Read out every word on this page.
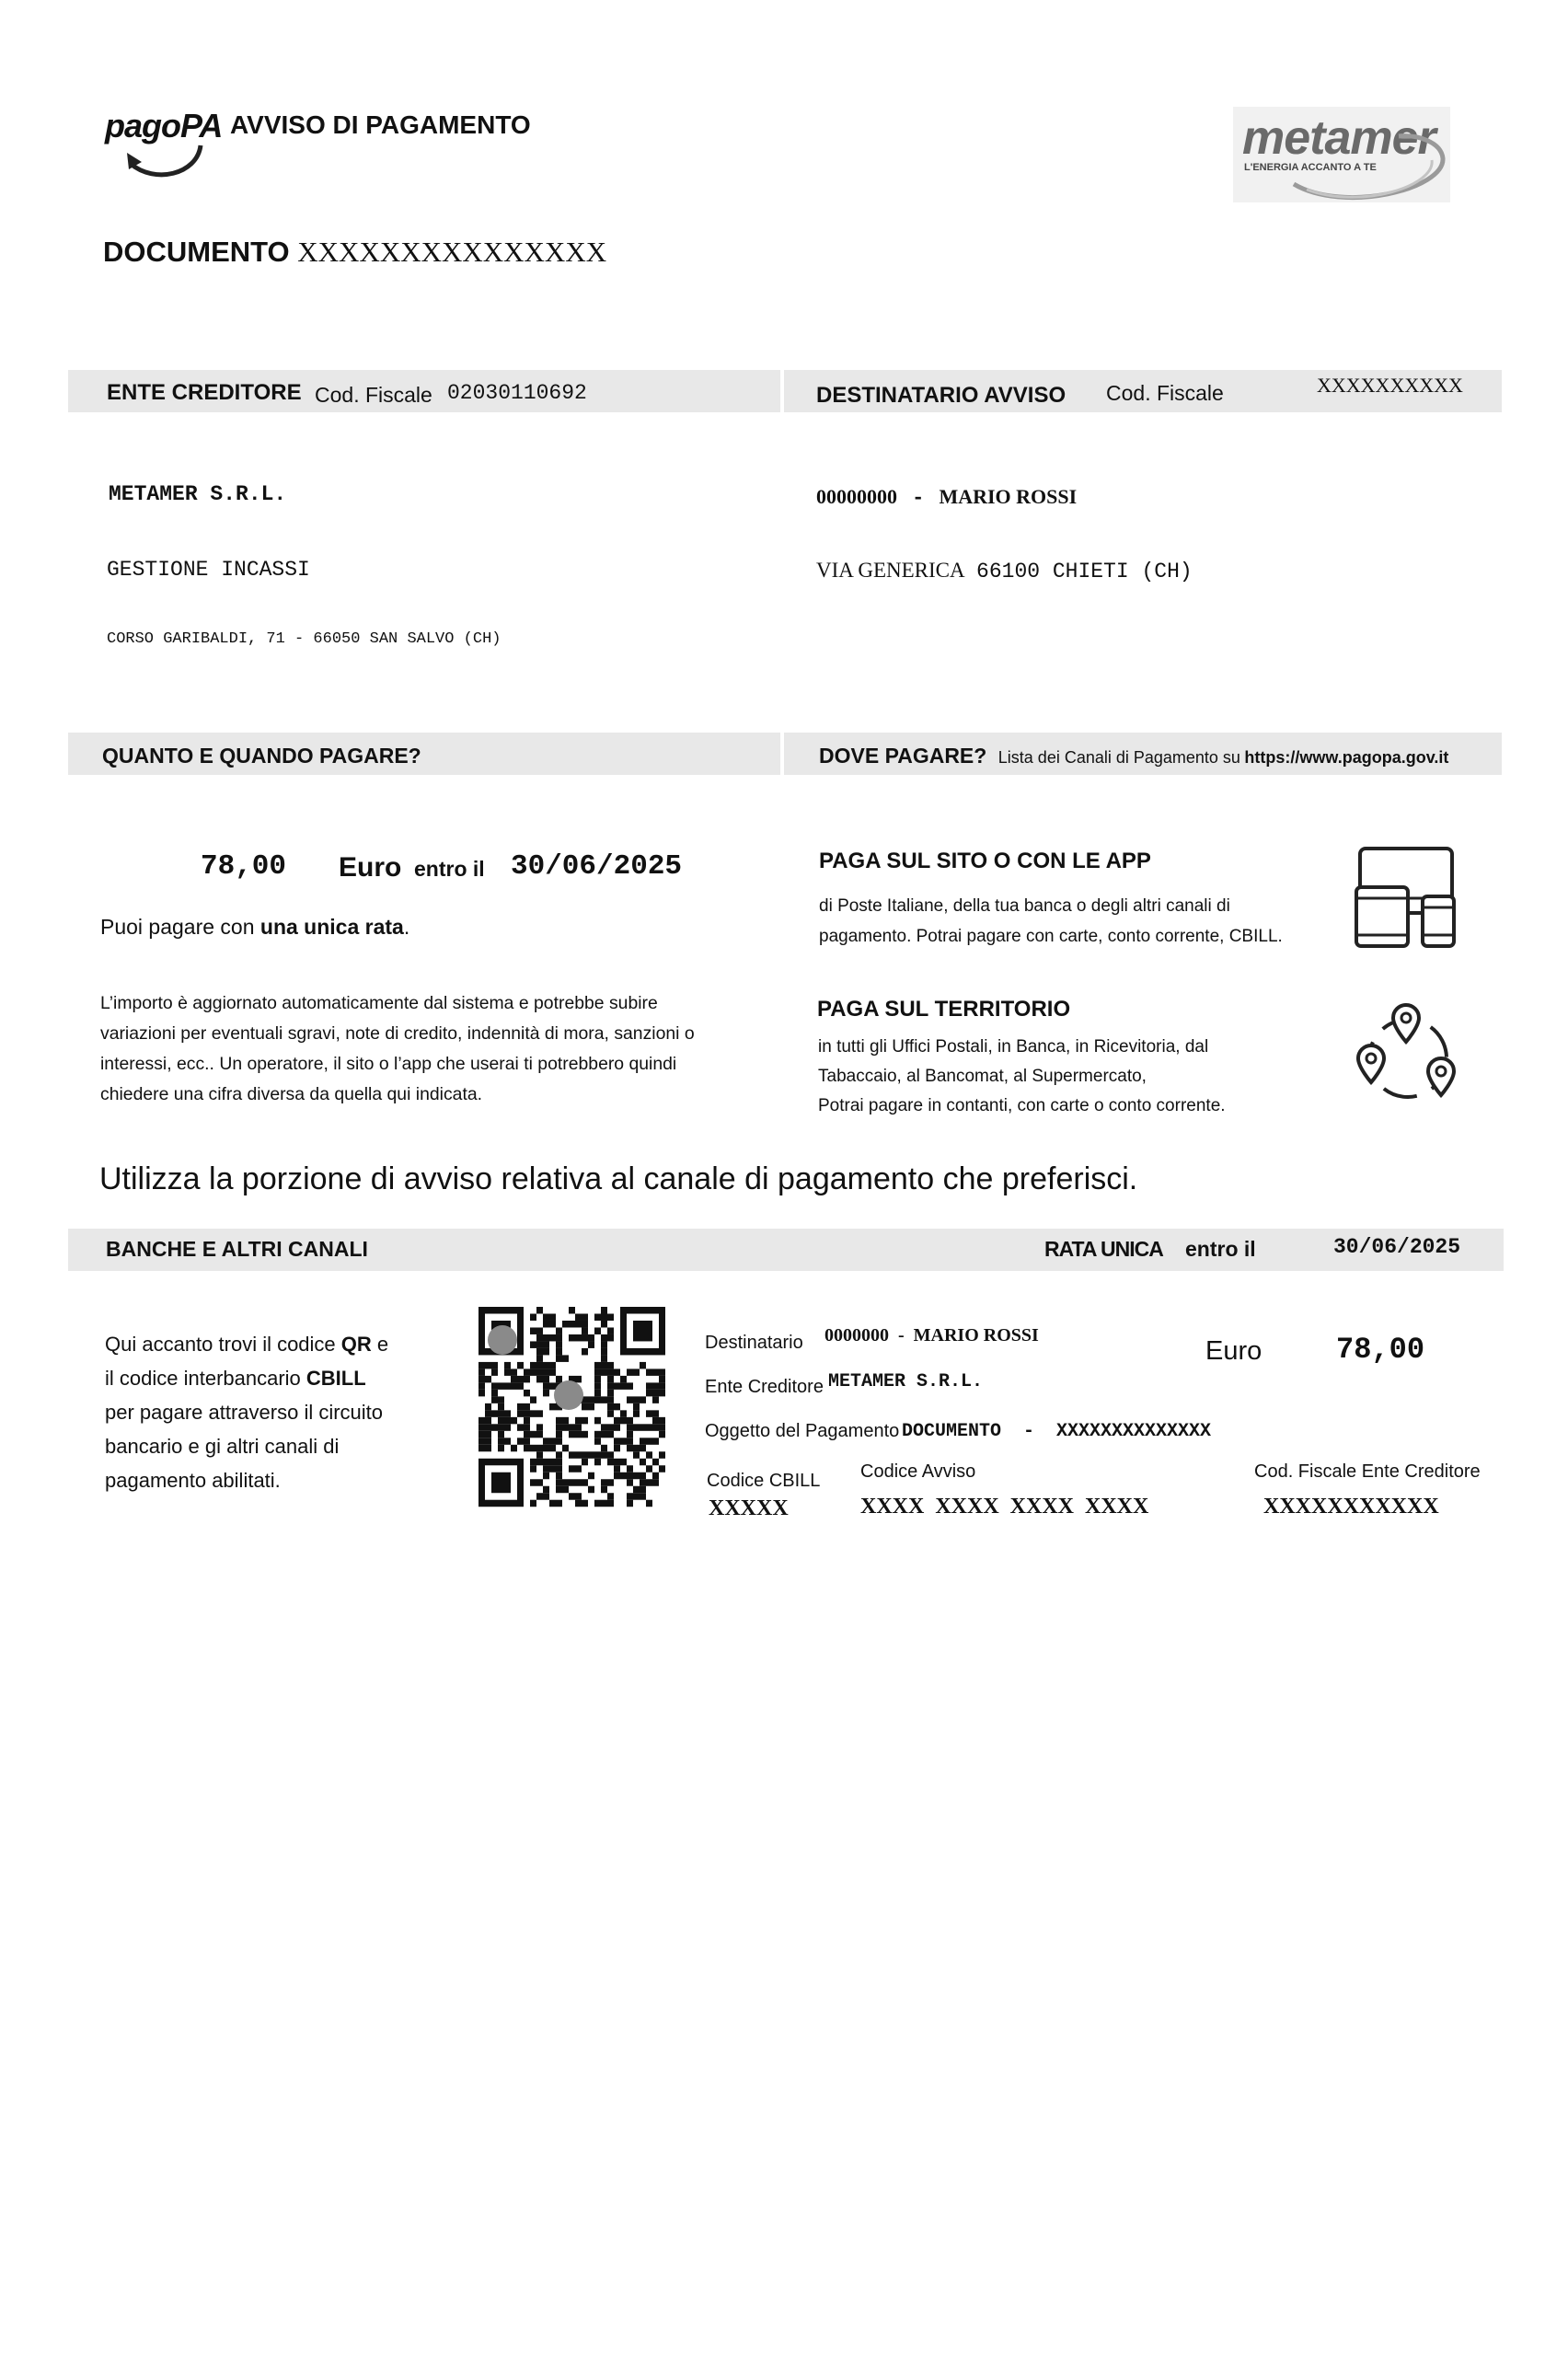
pagoPA AVVISO DI PAGAMENTO	metamer
L'ENERGIA ACCANTO A TE
DOCUMENTO XXXXXXXXXXXXXXX
ENTE CREDITORE Cod. Fiscale 02030110692	DESTINATARIO AVVISO Cod. Fiscale	XXXXXXXXXX
METAMER S.R.L.
GESTIONE INCASSI
CORSO GARIBALDI, 71 - 66050 SAN SALVO (CH)
00000000 - MARIO ROSSI
VIA GENERICA 66100 CHIETI (CH)
QUANTO E QUANDO PAGARE?	DOVE PAGARE? Lista dei Canali di Pagamento su https://www.pagopa.gov.it
78,00 Euro entro il 30/06/2025
Puoi pagare con una unica rata.
L’importo è aggiornato automaticamente dal sistema e potrebbe subire variazioni per eventuali sgravi, note di credito, indennità di mora, sanzioni o interessi, ecc.. Un operatore, il sito o l’app che userai ti potrebbero quindi chiedere una cifra diversa da quella qui indicata.
PAGA SUL SITO O CON LE APP
di Poste Italiane, della tua banca o degli altri canali di pagamento. Potrai pagare con carte, conto corrente, CBILL.
PAGA SUL TERRITORIO
in tutti gli Uffici Postali, in Banca, in Ricevitoria, dal
Tabaccaio, al Bancomat, al Supermercato,
Potrai pagare in contanti, con carte o conto corrente.
Utilizza la porzione di avviso relativa al canale di pagamento che preferisci.
BANCHE E ALTRI CANALI	RATA UNICA entro il	30/06/2025
Qui accanto trovi il codice QR e il codice interbancario CBILL per pagare attraverso il circuito bancario e gi altri canali di pagamento abilitati.
Destinatario 0000000  -  MARIO ROSSI
Ente Creditore METAMER S.R.L.
Oggetto del Pagamento DOCUMENTO  -  XXXXXXXXXXXXXX
Euro	78,00
Codice CBILL
XXXXX
Codice Avviso
XXXX  XXXX  XXXX  XXXX
Cod. Fiscale Ente Creditore
XXXXXXXXXXX
